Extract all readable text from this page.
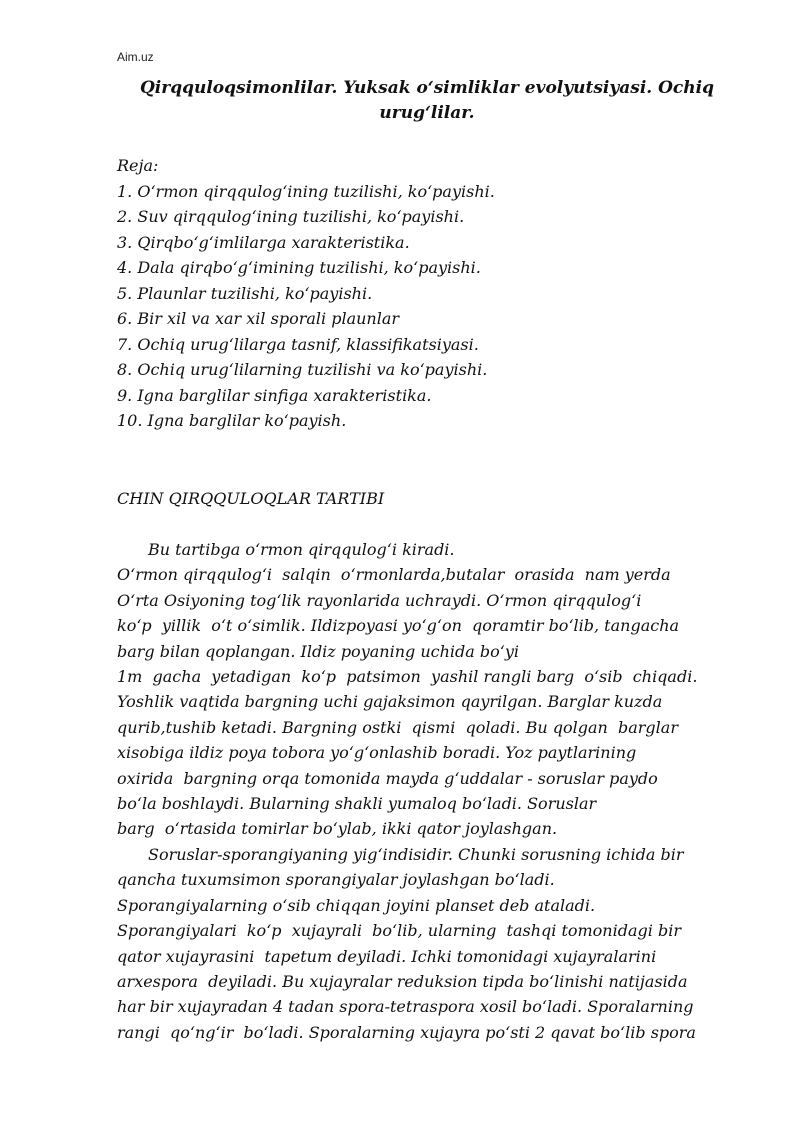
Aim.uz
Qirqquloqsimonlilar. Yuksak o‘simliklar evolyutsiyasi. Ochiq urug‘lilar.
Reja:
1. O‘rmon qirqqulog‘ining tuzilishi, ko‘payishi.
2. Suv qirqqulog‘ining tuzilishi, ko‘payishi.
3. Qirqbo‘g‘imlilarga xarakteristika.
4. Dala qirqbo‘g‘imining tuzilishi, ko‘payishi.
5. Plaunlar tuzilishi, ko‘payishi.
6. Bir xil va xar xil sporali plaunlar
7. Ochiq urug‘lilarga tasnif, klassifikatsiyasi.
8. Ochiq urug‘lilarning tuzilishi va ko‘payishi.
9. Igna barglilar sinfiga xarakteristika.
10. Igna barglilar ko‘payish.
CHIN QIRQQULOQLAR TARTIBI
Bu tartibga o‘rmon qirqqulog‘i kiradi.
O‘rmon qirqqulog‘i  salqin  o‘rmonlarda,butalar  orasida  nam yerda
O‘rta Osiyoning tog‘lik rayonlarida uchraydi. O‘rmon qirqqulog‘i
ko‘p  yillik  o‘t o‘simlik. Ildizpoyasi yo‘g‘on  qoramtir bo‘lib, tangacha
barg bilan qoplangan. Ildiz poyaning uchida bo‘yi
1m  gacha  yetadigan  ko‘p  patsimon  yashil rangli barg  o‘sib  chiqadi.
Yoshlik vaqtida bargning uchi gajaksimon qayrilgan. Barglar kuzda
qurib,tushib ketadi. Bargning ostki  qismi  qoladi. Bu qolgan  barglar
xisobiga ildiz poya tobora yo‘g‘onlashib boradi. Yoz paytlarining
oxirida  bargning orqa tomonida mayda g‘uddalar - soruslar paydo
bo‘la boshlaydi. Bularning shakli yumaloq bo‘ladi. Soruslar
barg  o‘rtasida tomirlar bo‘ylab, ikki qator joylashgan.
Soruslar-sporangiyaning yig‘indisidir. Chunki sorusning ichida bir
qancha tuxumsimon sporangiyalar joylashgan bo‘ladi.
Sporangiyalarning o‘sib chiqqan joyini planset deb ataladi.
Sporangiyalari  ko‘p  xujayrali  bo‘lib, ularning  tashqi tomonidagi bir
qator xujayrasini  tapetum deyiladi. Ichki tomonidagi xujayralarini
arxespora  deyiladi. Bu xujayralar reduksion tipda bo‘linishi natijasida
har bir xujayradan 4 tadan spora-tetraspora xosil bo‘ladi. Sporalarning
rangi  qo‘ng‘ir  bo‘ladi. Sporalarning xujayra po‘sti 2 qavat bo‘lib spora
